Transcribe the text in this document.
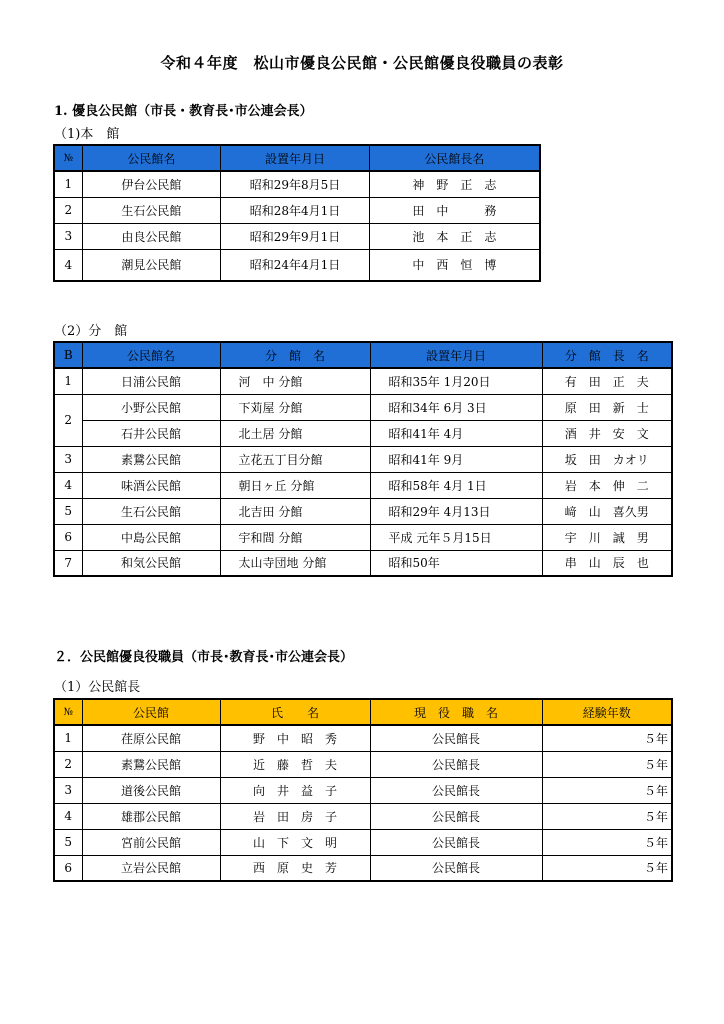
令和４年度　松山市優良公民館・公民館優良役職員の表彰
1. 優良公民館（市長・教育長･市公連会長）
（1)本　館
№	公民館名	設置年月日	公民館長名
1	伊台公民館	昭和29年8月5日	神　野　正　志
2	生石公民館	昭和28年4月1日	田　中　　　務
3	由良公民館	昭和29年9月1日	池　本　正　志
4	潮見公民館	昭和24年4月1日	中　西　恒　博
（2）分　館
B	公民館名	分　館　名	設置年月日	分　館　長　名
1	日浦公民館	河　中 分館	昭和35年 1月20日	有　田　正　夫
2	小野公民館	下苅屋 分館	昭和34年 6月 3日	原　田　新　士
	石井公民館	北土居 分館	昭和41年 4月	酒　井　安　文
3	素鵞公民館	立花五丁目分館	昭和41年 9月	坂　田　カオリ
4	味酒公民館	朝日ヶ丘 分館	昭和58年 4月 1日	岩　本　伸　二
5	生石公民館	北吉田 分館	昭和29年 4月13日	﨑　山　喜久男
6	中島公民館	宇和間 分館	平成 元年５月15日	宇　川　誠　男
7	和気公民館	太山寺団地 分館	昭和50年	串　山　辰　也
２．公民館優良役職員（市長･教育長･市公連会長）
（1）公民館長
№	公民館	氏　　名	現　役　職　名	経験年数
1	荏原公民館	野　中　昭　秀	公民館長	５年
2	素鵞公民館	近　藤　哲　夫	公民館長	５年
3	道後公民館	向　井　益　子	公民館長	５年
4	雄郡公民館	岩　田　房　子	公民館長	５年
5	宮前公民館	山　下　文　明	公民館長	５年
6	立岩公民館	西　原　史　芳	公民館長	５年
